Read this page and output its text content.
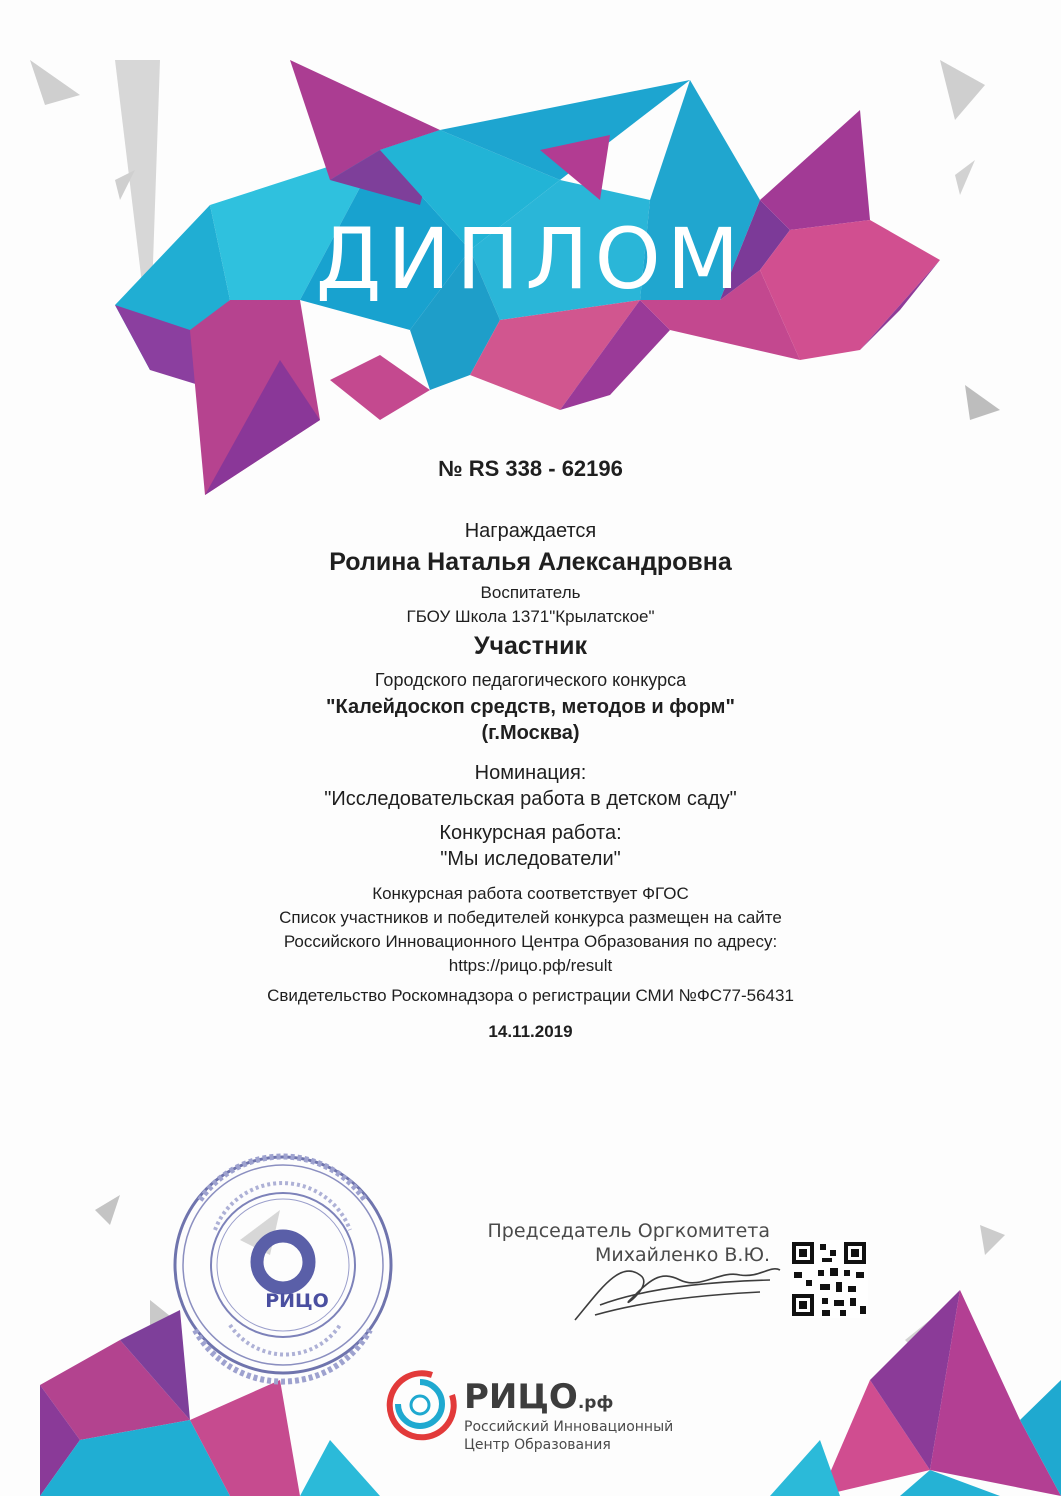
ДИПЛОМ
№ RS 338 - 62196
Награждается
Ролина Наталья Александровна
Воспитатель
ГБОУ Школа 1371"Крылатское"
Участник
Городского педагогического конкурса
"Калейдоскоп средств, методов и форм"
(г.Москва)
Номинация:
"Исследовательская работа в детском саду"
Конкурсная работа:
"Мы иследователи"
Конкурсная работа соответствует ФГОС
Список участников и победителей конкурса размещен на сайте
Российского Инновационного Центра Образования по адресу:
https://рицо.рф/result
Свидетельство Роскомнадзора о регистрации СМИ №ФС77-56431
14.11.2019
Председатель Оргкомитета
Михайленко В.Ю.
РИЦО
РИЦО.рф
Российский Инновационный
Центр Образования
